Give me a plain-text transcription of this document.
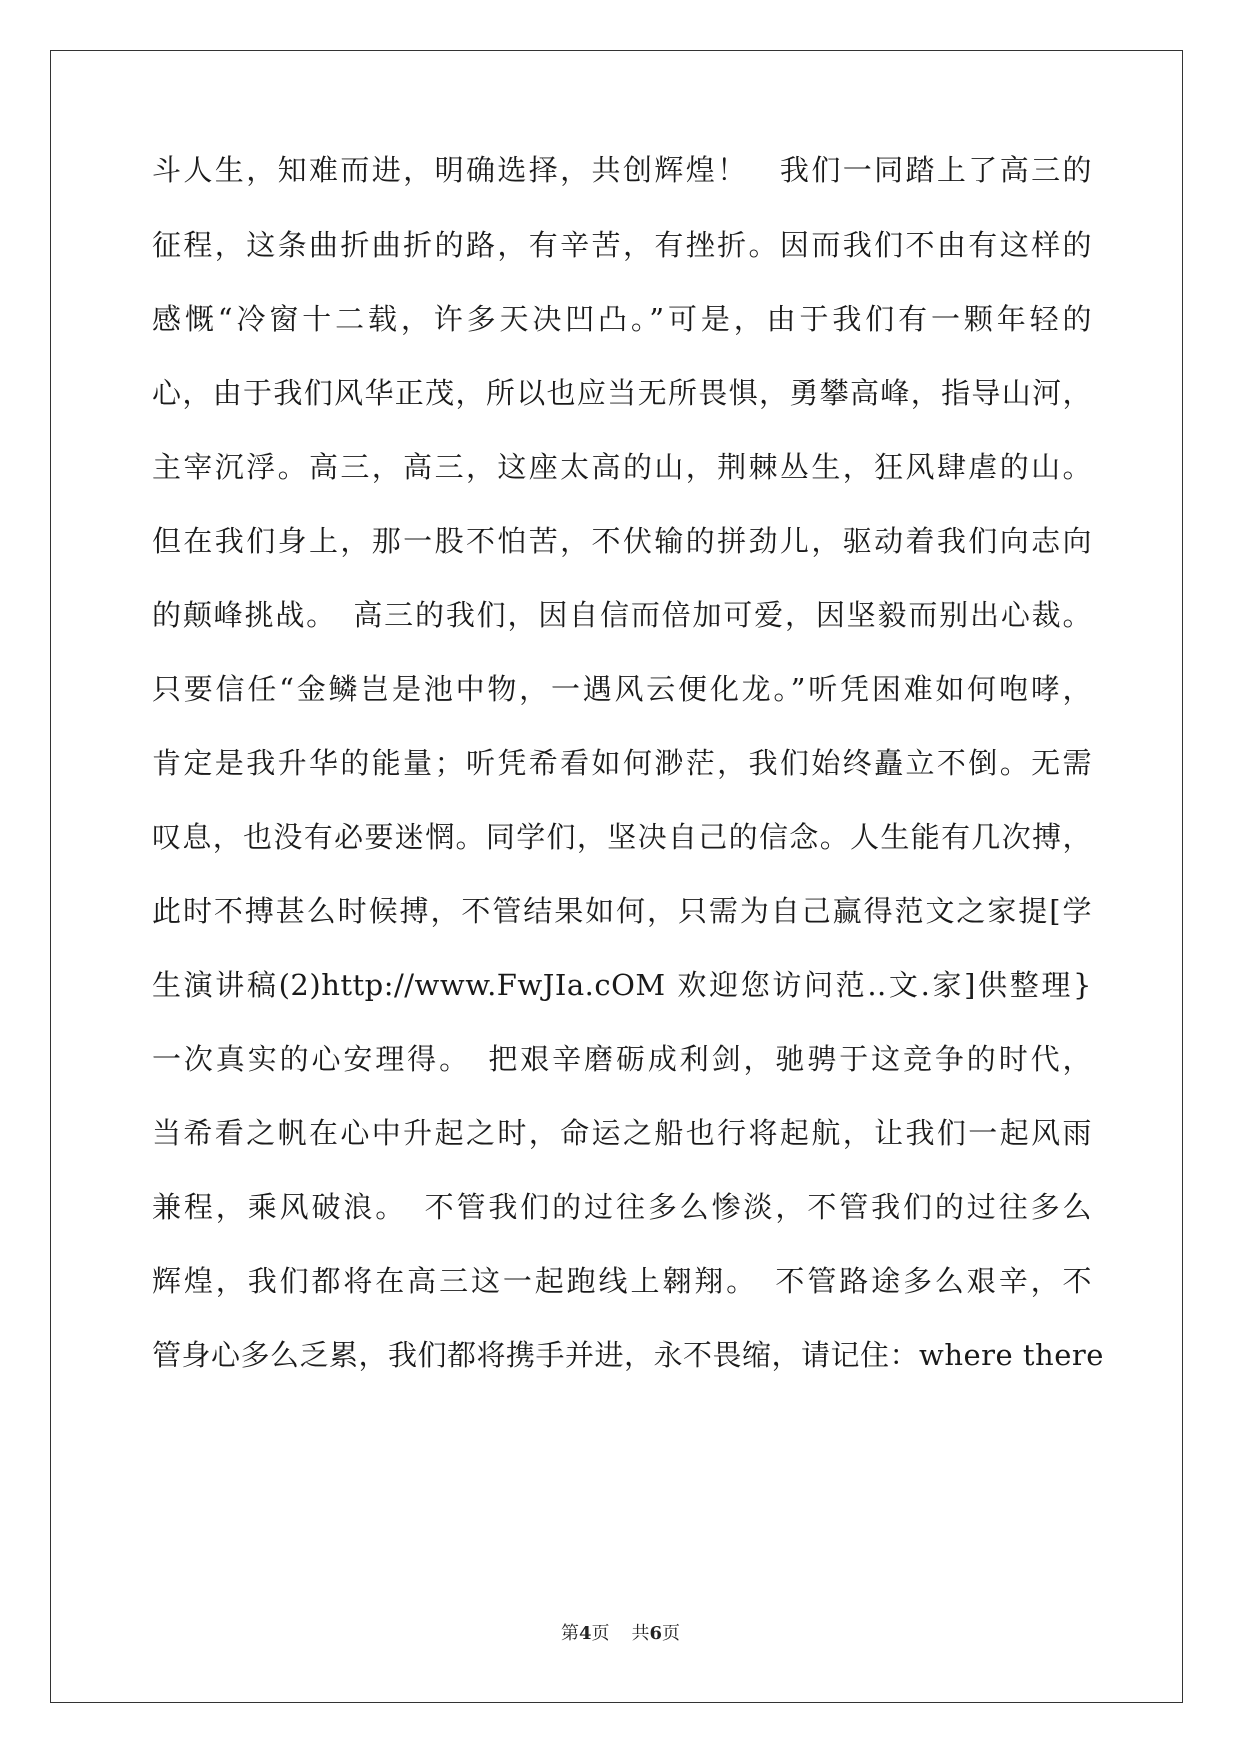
斗人生，知难而进，明确选择，共创辉煌！　我们一同踏上了高三的
征程，这条曲折曲折的路，有辛苦，有挫折。因而我们不由有这样的
感慨“冷窗十二载，许多天决凹凸。”可是，由于我们有一颗年轻的
心，由于我们风华正茂，所以也应当无所畏惧，勇攀高峰，指导山河，
主宰沉浮。高三，高三，这座太高的山，荆棘丛生，狂风肆虐的山。
但在我们身上，那一股不怕苦，不伏输的拼劲儿，驱动着我们向志向
的颠峰挑战。　高三的我们，因自信而倍加可爱，因坚毅而别出心裁。
只要信任“金鳞岂是池中物，一遇风云便化龙。”听凭困难如何咆哮，
肯定是我升华的能量；听凭希看如何渺茫，我们始终矗立不倒。无需
叹息，也没有必要迷惘。同学们，坚决自己的信念。人生能有几次搏，
此时不搏甚么时候搏，不管结果如何，只需为自己赢得范文之家提[学
生演讲稿(2)http://www.FwJIa.cOM 欢迎您访问范..文.家]供整理}
一次真实的心安理得。　把艰辛磨砺成利剑，驰骋于这竞争的时代，
当希看之帆在心中升起之时，命运之船也行将起航，让我们一起风雨
兼程，乘风破浪。　不管我们的过往多么惨淡，不管我们的过往多么
辉煌，我们都将在高三这一起跑线上翱翔。　不管路途多么艰辛，不
管身心多么乏累，我们都将携手并进，永不畏缩，请记住：where there
第4页 共6页
